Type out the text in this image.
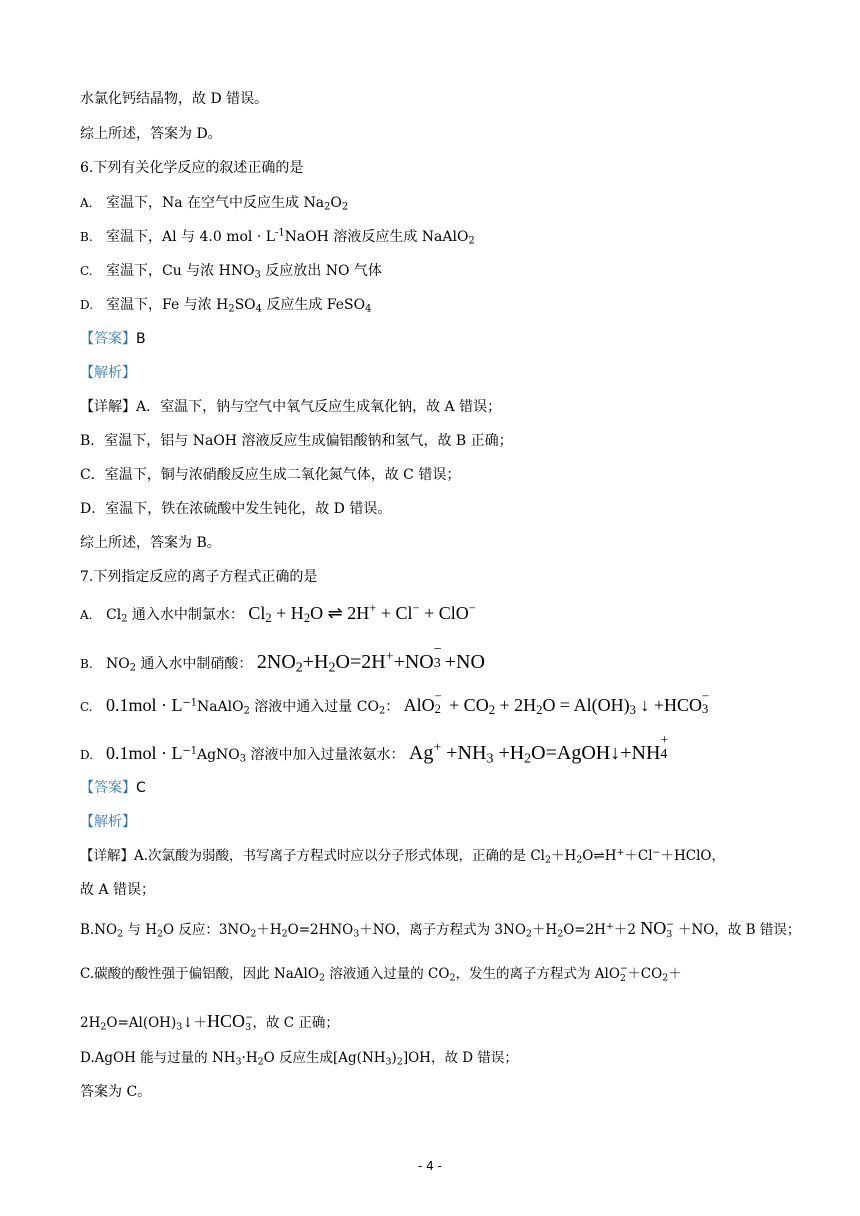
水氯化钙结晶物，故 D 错误。
综上所述，答案为 D。
6.下列有关化学反应的叙述正确的是
A. 室温下，Na 在空气中反应生成 $Na_2O_2$
B. 室温下，Al 与 4.0 mol · $L^{-1}NaOH$ 溶液反应生成 NaAlO$_2$
C. 室温下，Cu 与浓 $HNO_3$ 反应放出 NO 气体
D. 室温下，Fe 与浓 $H_2SO_4$ 反应生成 FeSO$_4$
【答案】B
【解析】
【详解】A．室温下，钠与空气中氧气反应生成氧化钠，故 A 错误；
B．室温下，铝与 NaOH 溶液反应生成偏铝酸钠和氢气，故 B 正确；
C．室温下，铜与浓硝酸反应生成二氧化氮气体，故 C 错误；
D．室温下，铁在浓硫酸中发生钝化，故 D 错误。
综上所述，答案为 B。
7.下列指定反应的离子方程式正确的是
A. $Cl_2$ 通入水中制氯水： $Cl_2 + H_2O$ ⇌ 2H+ + Cl− + ClO−
B. $NO_2$ 通入水中制硝酸： $2NO_2+H_2O=2H^++NO$
−
3 +NO
C. $0.1mol \cdot L^{-1}NaAlO_2$ 溶液中通入过量 $CO_2$： AlO −
$2 + CO_2 + 2H_2O = Al(OH)_3$ ↓ +HCO −
3
D. $0.1mol \cdot L^{-1}AgNO_3$ 溶液中加入过量浓氨水： $Ag^+ +NH_3$ $+H_2O=AgOH↓+NH$
+
4
【答案】C
【解析】
【详解】A.次氯酸为弱酸，书写离子方程式时应以分子形式体现，正确的是 $Cl_2+H_2O\rightleftharpoons H^++Cl^-+HClO$，
故 A 错误；
$B.NO_2$ 与 $H_2O$ 反应：$3NO_2+H_2O=2HNO_3+NO$，离子方程式为 $3NO_2+H_2O=2H^++2$ NO −
3 ＋NO，故 B 错误；
C.碳酸的酸性强于偏铝酸，因此 NaAlO$_2$ 溶液通入过量的 $CO_2$，发生的离子方程式为 AlO −
$2 +CO_2+$
$2H_2O=Al(OH)_3↓+HCO$ −
3 ，故 C 正确；
D.AgOH 能与过量的 $NH_3\cdot H_2O$ 反应生成$[Ag(NH_3)_2]OH$，故 D 错误；
答案为 C。
- 4 -
